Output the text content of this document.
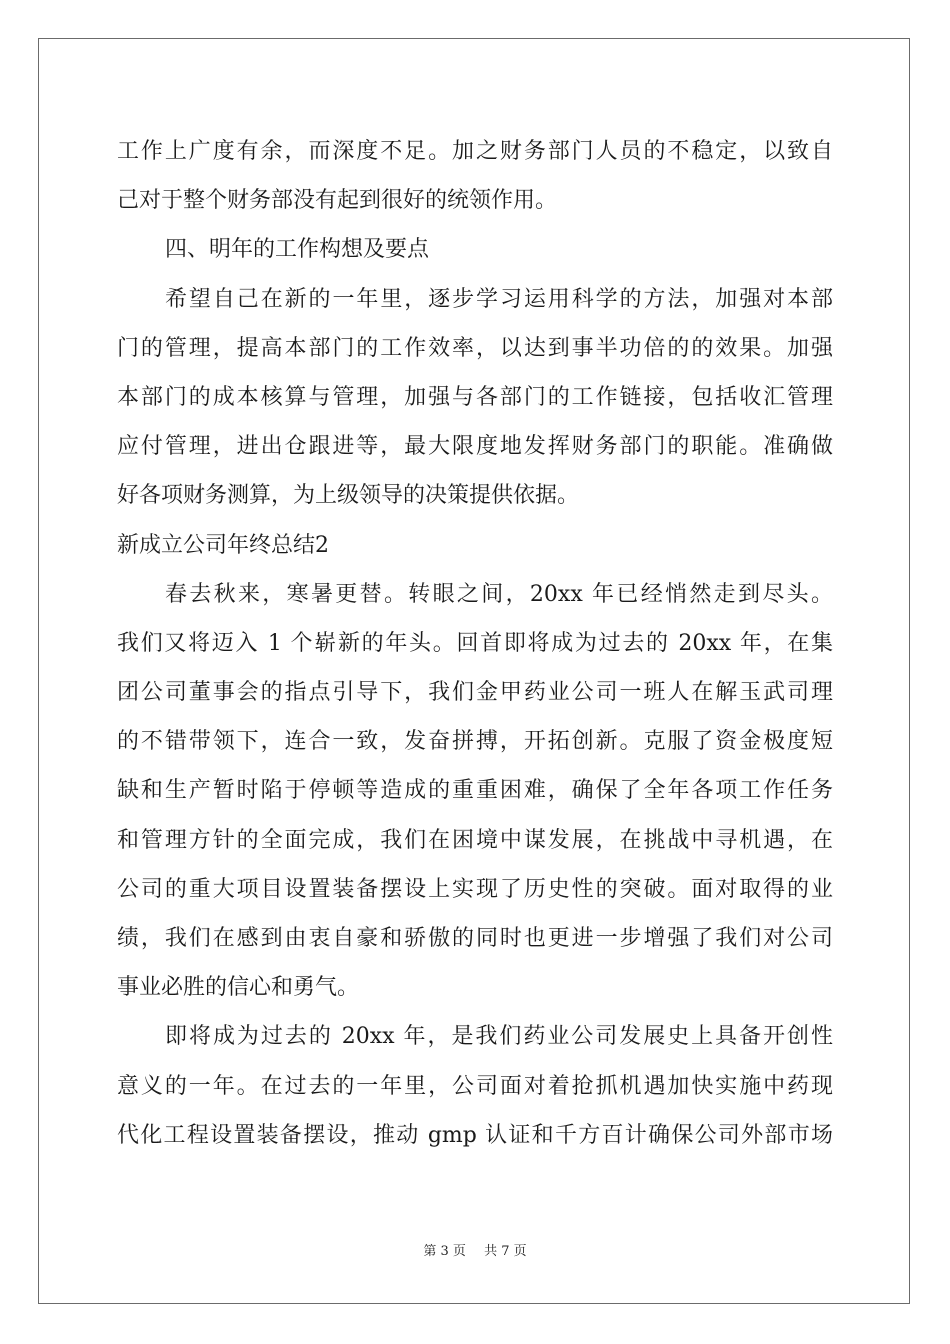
工作上广度有余，而深度不足。加之财务部门人员的不稳定，以致自
己对于整个财务部没有起到很好的统领作用。
四、明年的工作构想及要点
希望自己在新的一年里，逐步学习运用科学的方法，加强对本部
门的管理，提高本部门的工作效率，以达到事半功倍的的效果。加强
本部门的成本核算与管理，加强与各部门的工作链接，包括收汇管理
应付管理，进出仓跟进等，最大限度地发挥财务部门的职能。准确做
好各项财务测算，为上级领导的决策提供依据。
新成立公司年终总结2
春去秋来，寒暑更替。转眼之间，20xx 年已经悄然走到尽头。
我们又将迈入 1 个崭新的年头。回首即将成为过去的 20xx 年，在集
团公司董事会的指点引导下，我们金甲药业公司一班人在解玉武司理
的不错带领下，连合一致，发奋拼搏，开拓创新。克服了资金极度短
缺和生产暂时陷于停顿等造成的重重困难，确保了全年各项工作任务
和管理方针的全面完成，我们在困境中谋发展，在挑战中寻机遇，在
公司的重大项目设置装备摆设上实现了历史性的突破。面对取得的业
绩，我们在感到由衷自豪和骄傲的同时也更进一步增强了我们对公司
事业必胜的信心和勇气。
即将成为过去的 20xx 年，是我们药业公司发展史上具备开创性
意义的一年。在过去的一年里，公司面对着抢抓机遇加快实施中药现
代化工程设置装备摆设，推动 gmp 认证和千方百计确保公司外部市场
第 3 页 共 7 页
